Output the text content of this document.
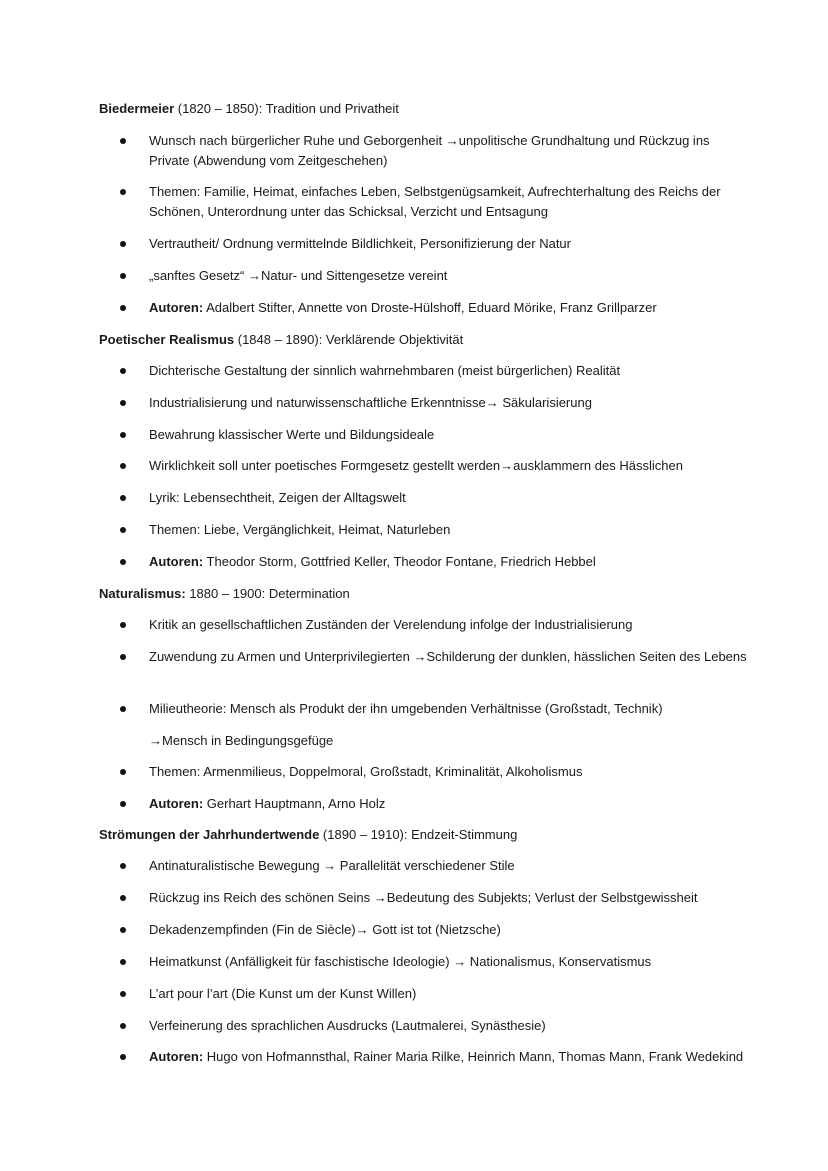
Biedermeier (1820 – 1850): Tradition und Privatheit
Wunsch nach bürgerlicher Ruhe und Geborgenheit →unpolitische Grundhaltung und Rückzug ins Private (Abwendung vom Zeitgeschehen)
Themen: Familie, Heimat, einfaches Leben, Selbstgenügsamkeit, Aufrechterhaltung des Reichs der Schönen, Unterordnung unter das Schicksal, Verzicht und Entsagung
Vertrautheit/ Ordnung vermittelnde Bildlichkeit, Personifizierung der Natur
„sanftes Gesetz“ →Natur- und Sittengesetze vereint
Autoren: Adalbert Stifter, Annette von Droste-Hülshoff, Eduard Mörike, Franz Grillparzer
Poetischer Realismus (1848 – 1890): Verklärende Objektivität
Dichterische Gestaltung der sinnlich wahrnehmbaren (meist bürgerlichen) Realität
Industrialisierung und naturwissenschaftliche Erkenntnisse→ Säkularisierung
Bewahrung klassischer Werte und Bildungsideale
Wirklichkeit soll unter poetisches Formgesetz gestellt werden→ausklammern des Hässlichen
Lyrik: Lebensechtheit, Zeigen der Alltagswelt
Themen: Liebe, Vergänglichkeit, Heimat, Naturleben
Autoren: Theodor Storm, Gottfried Keller, Theodor Fontane, Friedrich Hebbel
Naturalismus: 1880 – 1900: Determination
Kritik an gesellschaftlichen Zuständen der Verelendung infolge der Industrialisierung
Zuwendung zu Armen und Unterprivilegierten →Schilderung der dunklen, hässlichen Seiten des Lebens
Milieutheorie: Mensch als Produkt der ihn umgebenden Verhältnisse (Großstadt, Technik)
→Mensch in Bedingungsgefüge
Themen: Armenmilieus, Doppelmoral, Großstadt, Kriminalität, Alkoholismus
Autoren: Gerhart Hauptmann, Arno Holz
Strömungen der Jahrhundertwende (1890 – 1910): Endzeit-Stimmung
Antinaturalistische Bewegung → Parallelität verschiedener Stile
Rückzug ins Reich des schönen Seins →Bedeutung des Subjekts; Verlust der Selbstgewissheit
Dekadenzempfinden (Fin de Siècle)→ Gott ist tot (Nietzsche)
Heimatkunst (Anfälligkeit für faschistische Ideologie) → Nationalismus, Konservatismus
L’art pour l’art (Die Kunst um der Kunst Willen)
Verfeinerung des sprachlichen Ausdrucks (Lautmalerei, Synästhesie)
Autoren: Hugo von Hofmannsthal, Rainer Maria Rilke, Heinrich Mann, Thomas Mann, Frank Wedekind
